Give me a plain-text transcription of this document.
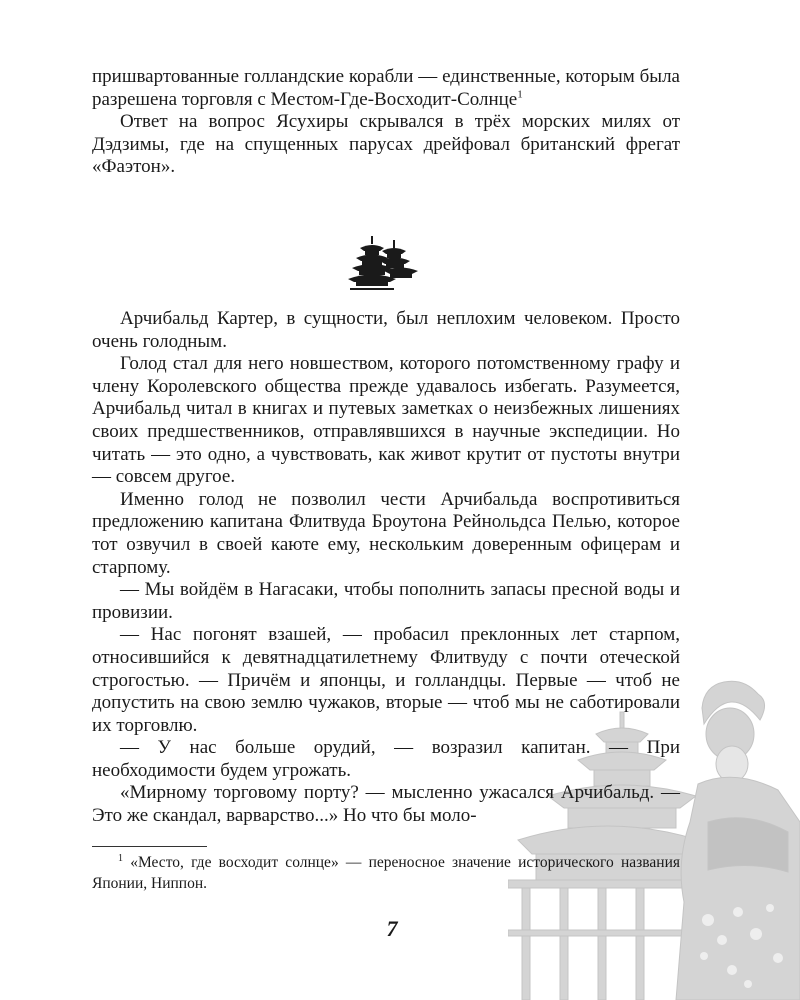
пришвартованные голландские корабли — единственные, которым была разрешена торговля с Местом-Где-Восходит-Солнце$^1$

Ответ на вопрос Ясухиры скрывался в трёх морских милях от Дэдзимы, где на спущенных парусах дрейфовал британский фрегат «Фаэтон».

Арчибальд Картер, в сущности, был неплохим человеком. Просто очень голодным.

Голод стал для него новшеством, которого потомственному графу и члену Королевского общества прежде удавалось избегать. Разумеется, Арчибальд читал в книгах и путевых заметках о неизбежных лишениях своих предшественников, отправлявшихся в научные экспедиции. Но читать — это одно, а чувствовать, как живот крутит от пустоты внутри — совсем другое.

Именно голод не позволил чести Арчибальда воспротивиться предложению капитана Флитвуда Броутона Рейнольдса Пелью, которое тот озвучил в своей каюте ему, нескольким доверенным офицерам и старпому.

— Мы войдём в Нагасаки, чтобы пополнить запасы пресной воды и провизии.

— Нас погонят взашей, — пробасил преклонных лет старпом, относившийся к девятнадцатилетнему Флитвуду с почти отеческой строгостью. — Причём и японцы, и голландцы. Первые — чтоб не допустить на свою землю чужаков, вторые — чтоб мы не саботировали их торговлю.

— У нас больше орудий, — возразил капитан. — При необходимости будем угрожать.

«Мирному торговому порту? — мысленно ужасался Арчибальд. — Это же скандал, варварство...» Но что бы моло-

$^1$ «Место, где восходит солнце» — переносное значение исторического названия Японии, Ниппон.

7
